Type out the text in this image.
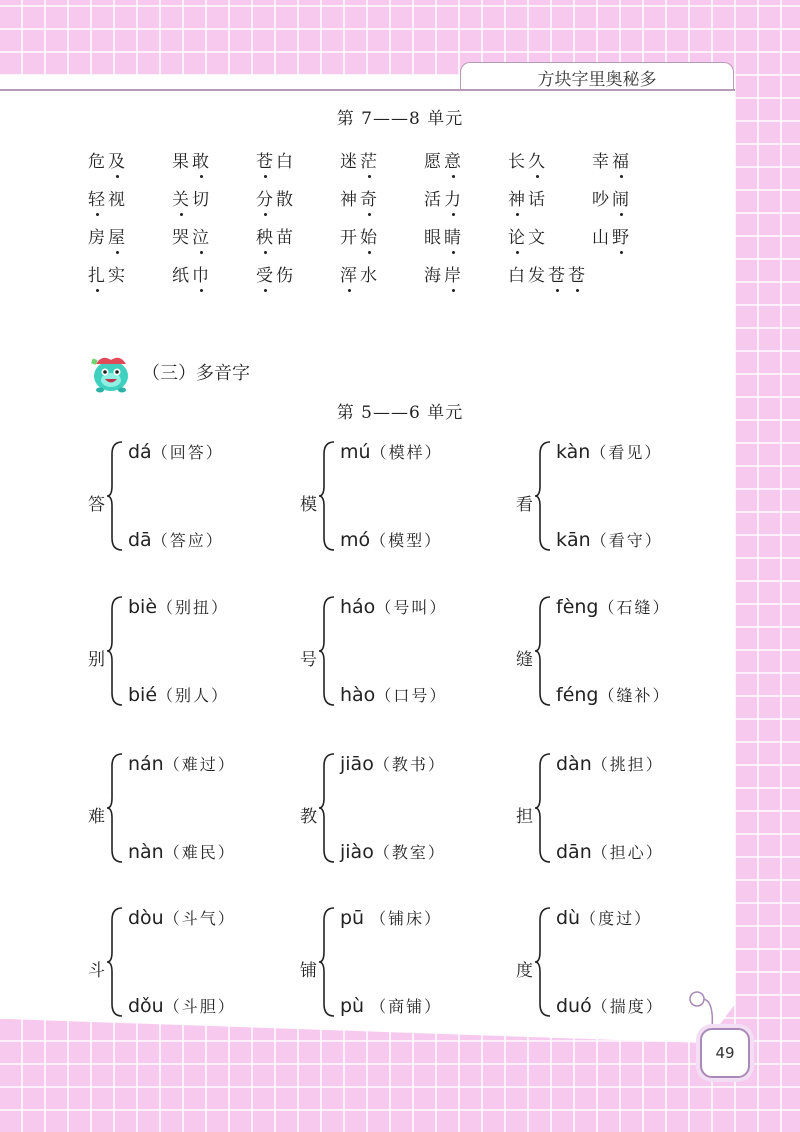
方块字里奥秘多
第 7——8 单元
危及	果敢	苍白	迷茫	愿意	长久	幸福
轻视	关切	分散	神奇	活力	神话	吵闹
房屋	哭泣	秧苗	开始	眼睛	论文	山野
扎实	纸巾	受伤	浑水	海岸	白发苍苍
（三）多音字
第 5——6 单元
答
dá（回答）
dā（答应）
模
mú（模样）
mó（模型）
看
kàn（看见）
kān（看守）
别
biè（别扭）
bié（别人）
号
háo（号叫）
hào（口号）
缝
fèng（石缝）
féng（缝补）
难
nán（难过）
nàn（难民）
教
jiāo（教书）
jiào（教室）
担
dàn（挑担）
dān（担心）
斗
dòu（斗气）
dǒu（斗胆）
铺
pū （铺床）
pù （商铺）
度
dù（度过）
duó（揣度）
49
